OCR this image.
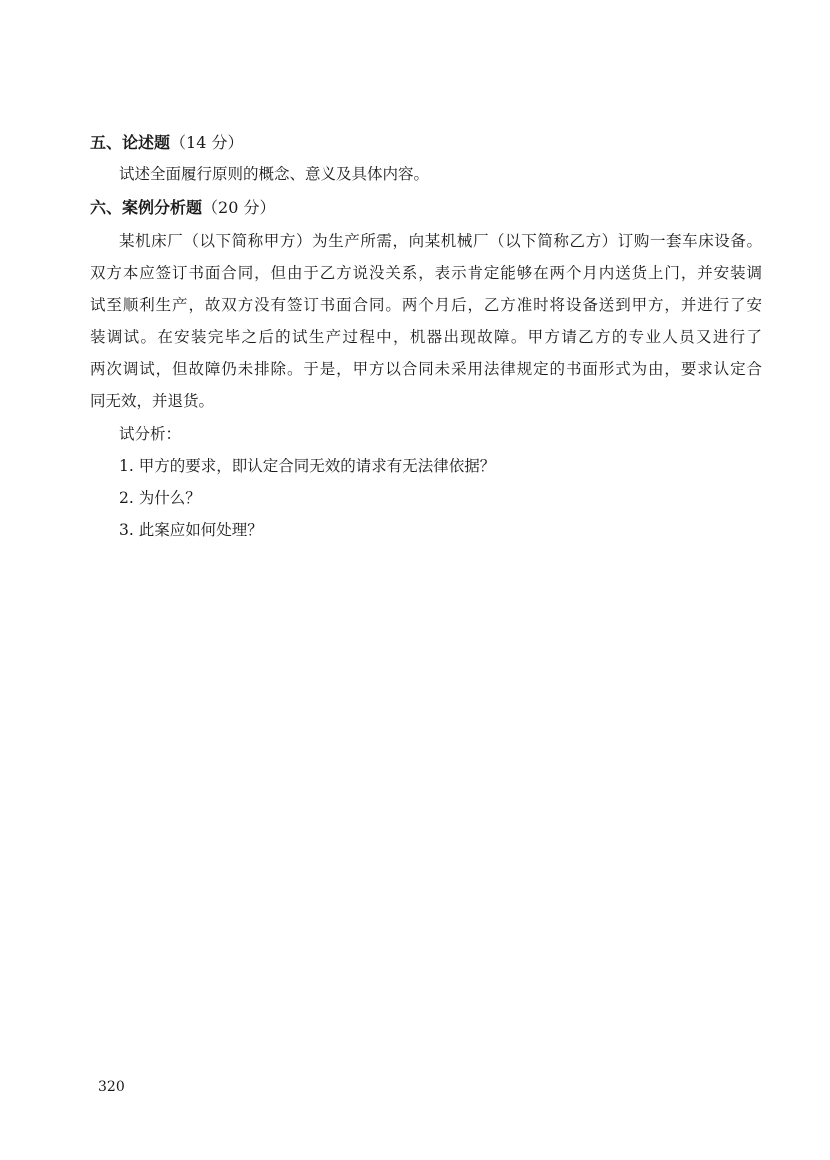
五、论述题（14 分）
试述全面履行原则的概念、意义及具体内容。
六、案例分析题（20 分）
某机床厂（以下简称甲方）为生产所需，向某机械厂（以下简称乙方）订购一套车床设备。
双方本应签订书面合同，但由于乙方说没关系，表示肯定能够在两个月内送货上门，并安装调
试至顺利生产，故双方没有签订书面合同。两个月后，乙方准时将设备送到甲方，并进行了安
装调试。在安装完毕之后的试生产过程中，机器出现故障。甲方请乙方的专业人员又进行了
两次调试，但故障仍未排除。于是，甲方以合同未采用法律规定的书面形式为由，要求认定合
同无效，并退货。
试分析：
1. 甲方的要求，即认定合同无效的请求有无法律依据？
2. 为什么？
3. 此案应如何处理？
320
